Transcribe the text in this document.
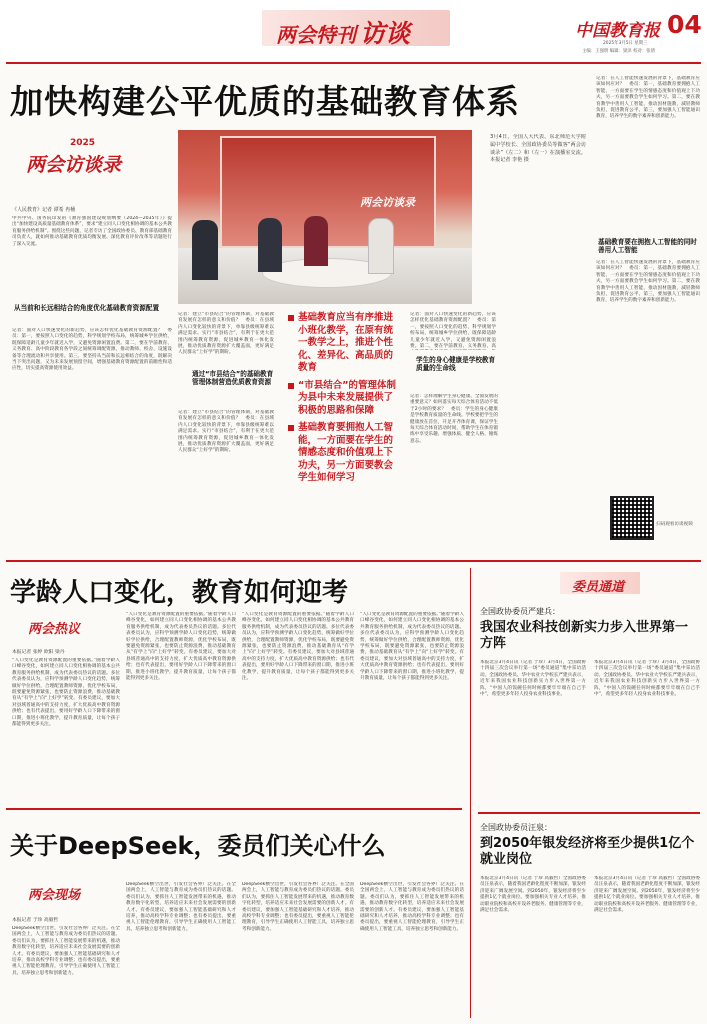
两会特刊 访谈	中国教育报 04
2025年3月5日 星期三
主编：王强明 编辑：梁泽 校对：张倩
加快构建公平优质的基础教育体系
2025
两会访谈录
《人民教育》记者 谭希 冉桶
中共中央、国务院印发的《教育强国建设规划纲要（2024—2035年）》提出“加快建设高质量基础教育体系”，要求“建立同人口变化相协调的基本公共教育服务供给机制”。围绕这些问题，记者专访了全国政协委员、教育部基础教育司负责人，就如何推动基础教育优质均衡发展、深化教育评价改革等话题进行了深入交流。
从当前和长远相结合的角度优化基础教育资源配置
记者：面对人口快速变化的新趋势，应该怎样优化基础教育资源配置？　委员：第一，要按照人口变化的趋势，科学规划学校布局，统筹城乡学位供给，既保障适龄儿童少年就近入学，又避免资源闲置浪费。第二，要在学前教育、义务教育、高中阶段教育各学段之间统筹调配资源，推动教师、校舍、设施设备等合理流动和共享使用。第三，要坚持从当前和长远相结合的角度，既解决当下突出问题，又为未来发展预留空间，增强基础教育资源配置的前瞻性和适应性，切实提高资源使用效益。
两会访谈录
3月4日，全国人大代表、东北师范大学附属中学校长、全国政协委员等做客“两会访谈录”（左二）和（左一）在演播室交流。本报记者 李艳 摄
记者：建立“市县结合”的管理体制，对基础教育发展有怎样的意义和价值？　委员：在县域内人口变化较快的背景下，单靠县级统筹难以满足需求。实行“市县结合”，有利于在更大范围内统筹教育资源，促进城乡教育一体化发展，推动优质教育资源扩大覆盖面，更好满足人民群众“上好学”的期盼。
通过“市县结合”的基础教育管理体制营造优质教育资源
记者：建立“市县结合”的管理体制，对基础教育发展有怎样的意义和价值？　委员：在县域内人口变化较快的背景下，单靠县级统筹难以满足需求。实行“市县结合”，有利于在更大范围内统筹教育资源，促进城乡教育一体化发展，推动优质教育资源扩大覆盖面，更好满足人民群众“上好学”的期盼。
基础教育应当有序推进小班化教学，在原有统一教学之上，推进个性化、差异化、高品质的教育
“市县结合”的管理体制为县中未来发展提供了积极的思路和保障
基础教育要拥抱人工智能，一方面要在学生的情感态度和价值观上下功夫，另一方面要教会学生如何学习
记者：面对人口快速变化的新趋势，应该怎样优化基础教育资源配置？　委员：第一，要按照人口变化的趋势，科学规划学校布局，统筹城乡学位供给，既保障适龄儿童少年就近入学，又避免资源闲置浪费。第二，要在学前教育、义务教育、高
学生的身心健康是学校教育质量的生命线
记者：怎样理解学生身心健康、全面发展的重要意义？如何落实每天综合体育活动不低于2小时的要求？　委员：学生的身心健康是学校教育质量的生命线。学校要把学生的健康放在首位，开足开齐体育课，保证学生每天综合体育活动时间，帮助学生在体育锻炼中享受乐趣、增强体质、健全人格、锤炼意志。
记者：在人工智能快速发展的背景下，基础教育应该如何应对？　委员：第一，基础教育要拥抱人工智能，一方面要在学生的情感态度和价值观上下功夫，另一方面要教会学生如何学习。第二，要在教育教学中善用人工智能，推动因材施教，减轻教师负担，促进教育公平。第三，要加强人工智能通识教育，培养学生的数字素养和创新能力。
基础教育要在拥抱人工智能的同时善用人工智能
记者：在人工智能快速发展的背景下，基础教育应该如何应对？　委员：第一，基础教育要拥抱人工智能，一方面要在学生的情感态度和价值观上下功夫，另一方面要教会学生如何学习。第二，要在教育教学中善用人工智能，推动因材施教，减轻教师负担，促进教育公平。第三，要加强人工智能通识教育，培养学生的数字素养和创新能力。
扫码观看访谈视频
学龄人口变化，教育如何迎考
两会热议
本报记者 张婷 欧阳 梁丹
“人口变化是教育资源配置的重要依据。”随着学龄人口峰谷变化，如何建立同人口变化相协调的基本公共教育服务供给机制，成为代表委员热议的话题。多位代表委员认为，应科学预测学龄人口变化趋势，统筹做好学位供给，合理配置教师资源，优化学校布局，既要避免资源紧张，也要防止资源浪费，推动基础教育从“有学上”向“上好学”转变。有委员建议，要加大对县域普通高中的支持力度，扩大优质高中教育资源供给；也有代表提出，要用好学龄人口下降带来的窗口期，推进小班化教学，提升教育质量，让每个孩子都能得到更多关注。
“人口变化是教育资源配置的重要依据。”随着学龄人口峰谷变化，如何建立同人口变化相协调的基本公共教育服务供给机制，成为代表委员热议的话题。多位代表委员认为，应科学预测学龄人口变化趋势，统筹做好学位供给，合理配置教师资源，优化学校布局，既要避免资源紧张，也要防止资源浪费，推动基础教育从“有学上”向“上好学”转变。有委员建议，要加大对县域普通高中的支持力度，扩大优质高中教育资源供给；也有代表提出，要用好学龄人口下降带来的窗口期，推进小班化教学，提升教育质量，让每个孩子都能得到更多关注。
“人口变化是教育资源配置的重要依据。”随着学龄人口峰谷变化，如何建立同人口变化相协调的基本公共教育服务供给机制，成为代表委员热议的话题。多位代表委员认为，应科学预测学龄人口变化趋势，统筹做好学位供给，合理配置教师资源，优化学校布局，既要避免资源紧张，也要防止资源浪费，推动基础教育从“有学上”向“上好学”转变。有委员建议，要加大对县域普通高中的支持力度，扩大优质高中教育资源供给；也有代表提出，要用好学龄人口下降带来的窗口期，推进小班化教学，提升教育质量，让每个孩子都能得到更多关注。
“人口变化是教育资源配置的重要依据。”随着学龄人口峰谷变化，如何建立同人口变化相协调的基本公共教育服务供给机制，成为代表委员热议的话题。多位代表委员认为，应科学预测学龄人口变化趋势，统筹做好学位供给，合理配置教师资源，优化学校布局，既要避免资源紧张，也要防止资源浪费，推动基础教育从“有学上”向“上好学”转变。有委员建议，要加大对县域普通高中的支持力度，扩大优质高中教育资源供给；也有代表提出，要用好学龄人口下降带来的窗口期，推进小班化教学，提升教育质量，让每个孩子都能得到更多关注。
关于DeepSeek，委员们关心什么
两会现场
本报记者 于珍 高毅哲
DeepSeek横空出世，引发社会各界广泛关注。在全国两会上，人工智能与教育成为委员们热议的话题。委员们认为，要抓住人工智能发展带来的机遇，推动教育数字化转型，培养适应未来社会发展需要的创新人才。有委员建议，要加强人工智能基础研究和人才培养，推动高校学科专业调整；也有委员提出，要重视人工智能伦理教育，引导学生正确使用人工智能工具，培养独立思考和创新能力。
DeepSeek横空出世，引发社会各界广泛关注。在全国两会上，人工智能与教育成为委员们热议的话题。委员们认为，要抓住人工智能发展带来的机遇，推动教育数字化转型，培养适应未来社会发展需要的创新人才。有委员建议，要加强人工智能基础研究和人才培养，推动高校学科专业调整；也有委员提出，要重视人工智能伦理教育，引导学生正确使用人工智能工具，培养独立思考和创新能力。
DeepSeek横空出世，引发社会各界广泛关注。在全国两会上，人工智能与教育成为委员们热议的话题。委员们认为，要抓住人工智能发展带来的机遇，推动教育数字化转型，培养适应未来社会发展需要的创新人才。有委员建议，要加强人工智能基础研究和人才培养，推动高校学科专业调整；也有委员提出，要重视人工智能伦理教育，引导学生正确使用人工智能工具，培养独立思考和创新能力。
DeepSeek横空出世，引发社会各界广泛关注。在全国两会上，人工智能与教育成为委员们热议的话题。委员们认为，要抓住人工智能发展带来的机遇，推动教育数字化转型，培养适应未来社会发展需要的创新人才。有委员建议，要加强人工智能基础研究和人才培养，推动高校学科专业调整；也有委员提出，要重视人工智能伦理教育，引导学生正确使用人工智能工具，培养独立思考和创新能力。
委员通道
全国政协委员严建兵：
我国农业科技创新实力步入世界第一方阵
本报北京3月4日讯（记者 于珍）3月4日，全国政协十四届三次会议举行第一场“委员通道”集中采访活动。全国政协委员、华中农业大学校长严建兵表示，近年来我国农业科技创新实力步入世界第一方阵，“中国人的饭碗任何时候都要牢牢端在自己手中”，希望更多年轻人投身农业科技事业。
本报北京3月4日讯（记者 于珍）3月4日，全国政协十四届三次会议举行第一场“委员通道”集中采访活动。全国政协委员、华中农业大学校长严建兵表示，近年来我国农业科技创新实力步入世界第一方阵，“中国人的饭碗任何时候都要牢牢端在自己手中”，希望更多年轻人投身农业科技事业。
全国政协委员汪泉：
到2050年银发经济将至少提供1亿个就业岗位
本报北京3月4日讯（记者 于珍 高毅哲）全国政协委员汪泉表示，随着我国老龄化程度不断加深，银发经济迎来广阔发展空间。到2050年，银发经济将至少提供1亿个就业岗位。要加强相关专业人才培养，推动职业院校和高校开设养老服务、健康管理等专业，满足社会需求。
本报北京3月4日讯（记者 于珍 高毅哲）全国政协委员汪泉表示，随着我国老龄化程度不断加深，银发经济迎来广阔发展空间。到2050年，银发经济将至少提供1亿个就业岗位。要加强相关专业人才培养，推动职业院校和高校开设养老服务、健康管理等专业，满足社会需求。
